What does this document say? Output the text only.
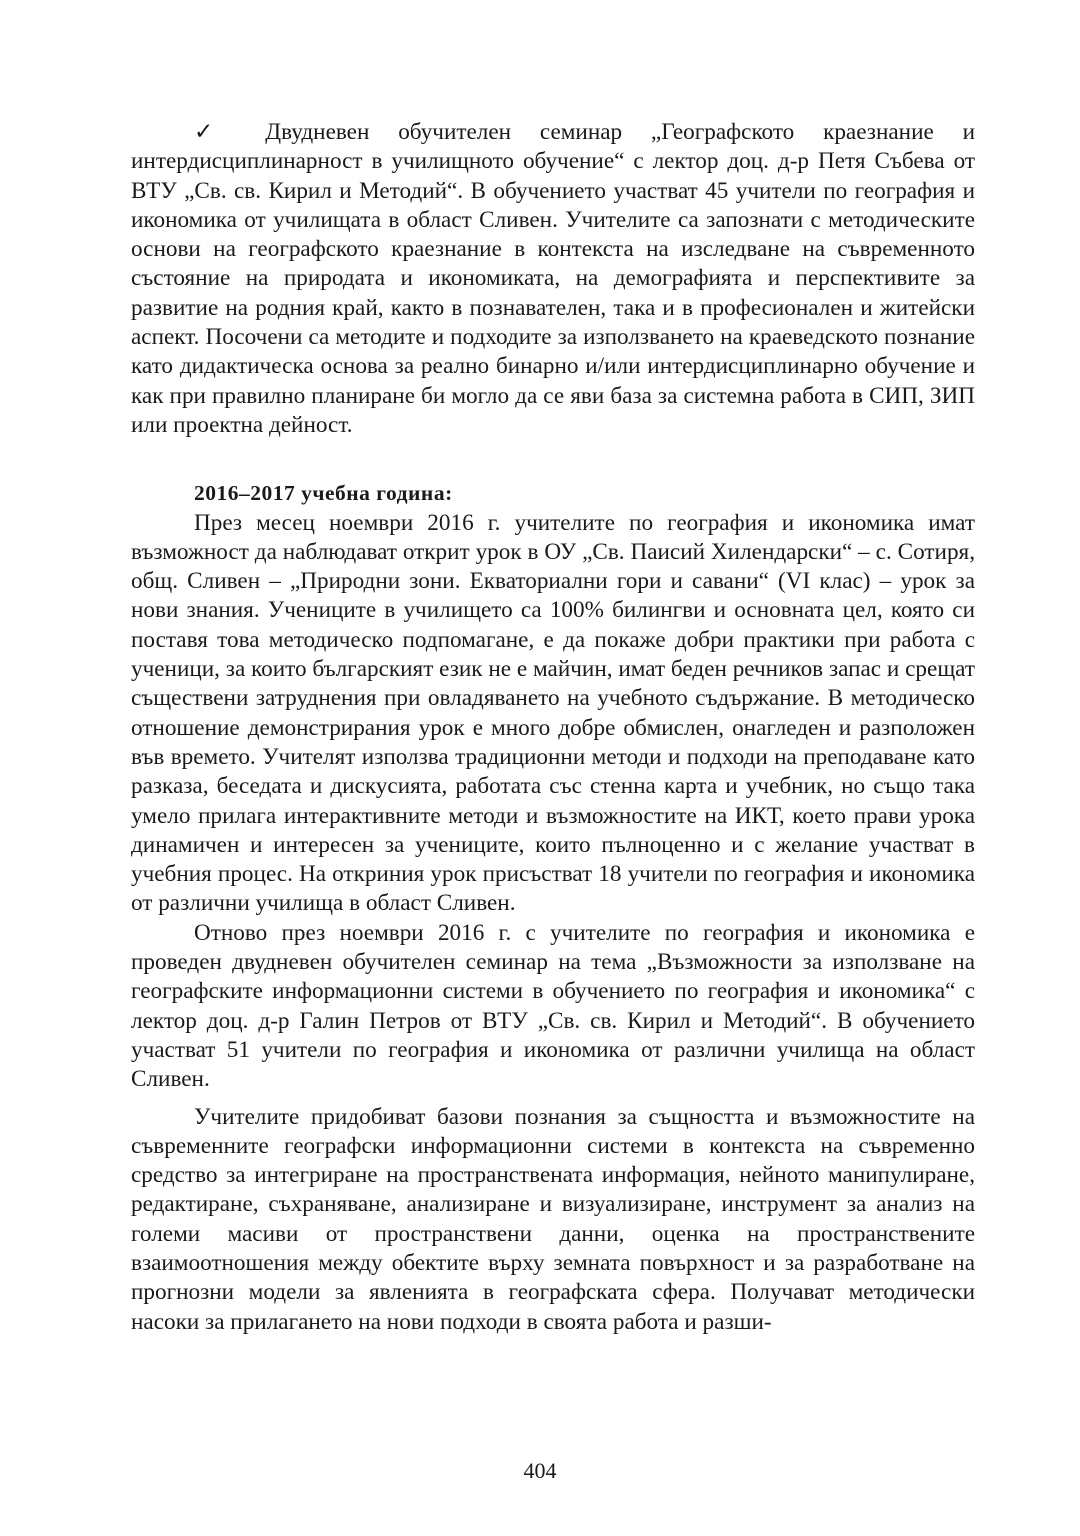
✓ Двудневен обучителен семинар „Географското краезнание и интердисциплинарност в училищното обучение“ с лектор доц. д-р Петя Събева от ВТУ „Св. св. Кирил и Методий“. В обучението участват 45 учители по география и икономика от училищата в област Сливен. Учителите са запознати с методическите основи на географското краезнание в контекста на изследване на съвременното състояние на природата и икономиката, на демографията и перспективите за развитие на родния край, както в познавателен, така и в професионален и житейски аспект. Посочени са методите и подходите за използването на краеведското познание като дидактическа основа за реално бинарно и/или интердисциплинарно обучение и как при правилно планиране би могло да се яви база за системна работа в СИП, ЗИП или проектна дейност.

2016–2017 учебна година:

През месец ноември 2016 г. учителите по география и икономика имат възможност да наблюдават открит урок в ОУ „Св. Паисий Хилендарски“ – с. Сотиря, общ. Сливен – „Природни зони. Екваториални гори и савани“ (VI клас) – урок за нови знания. Учениците в училището са 100% билингви и основната цел, която си поставя това методическо подпомагане, е да покаже добри практики при работа с ученици, за които българският език не е майчин, имат беден речников запас и срещат съществени затруднения при овладяването на учебното съдържание. В методическо отношение демонстрирания урок е много добре обмислен, онагледен и разположен във времето. Учителят използва традиционни методи и подходи на преподаване като разказа, беседата и дискусията, работата със стенна карта и учебник, но също така умело прилага интерактивните методи и възможностите на ИКТ, което прави урока динамичен и интересен за учениците, които пълноценно и с желание участват в учебния процес. На откриния урок присъстват 18 учители по география и икономика от различни училища в област Сливен.

Отново през ноември 2016 г. с учителите по география и икономика е проведен двудневен обучителен семинар на тема „Възможности за използване на географските информационни системи в обучението по география и икономика“ с лектор доц. д-р Галин Петров от ВТУ „Св. св. Кирил и Методий“. В обучението участват 51 учители по география и икономика от различни училища на област Сливен.

Учителите придобиват базови познания за същността и възможностите на съвременните географски информационни системи в контекста на съвременно средство за интегриране на пространствената информация, нейното манипулиране, редактиране, съхраняване, анализиране и визуализиране, инструмент за анализ на големи масиви от пространствени данни, оценка на пространствените взаимоотношения между обектите върху земната повърхност и за разработване на прогнозни модели за явленията в географската сфера. Получават методически насоки за прилагането на нови подходи в своята работа и разши-

404
